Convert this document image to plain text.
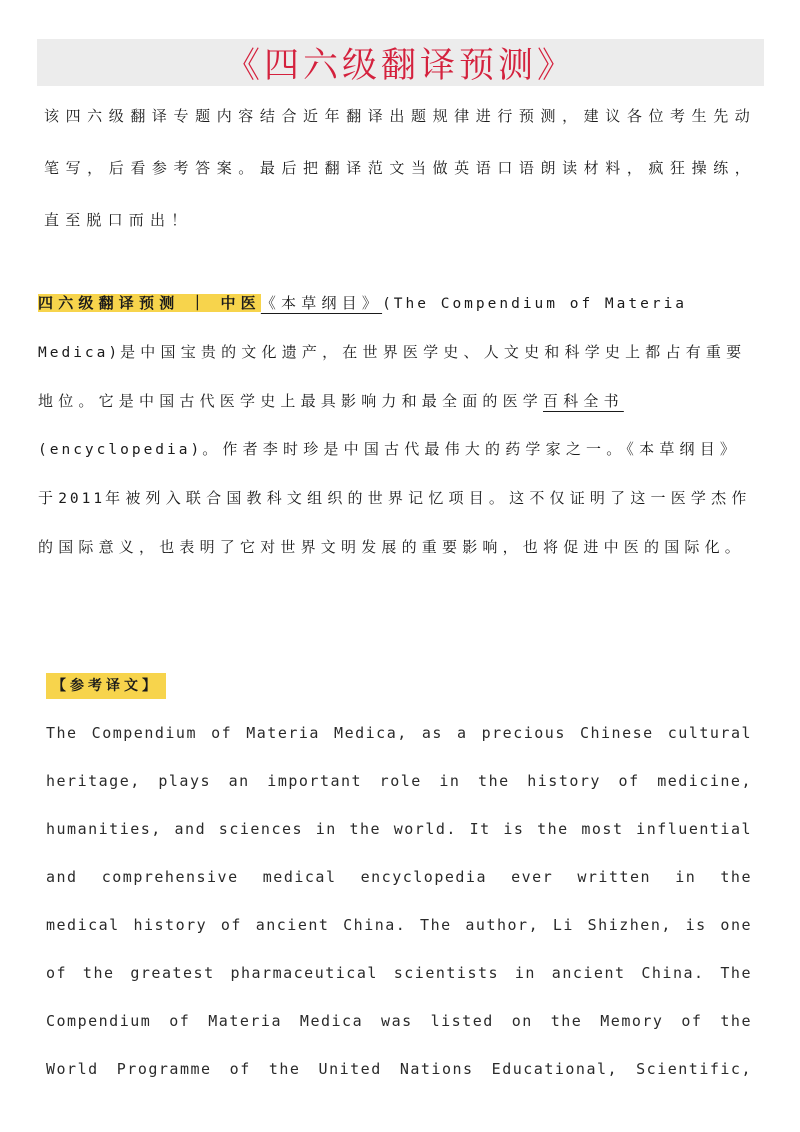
《四六级翻译预测》
该四六级翻译专题内容结合近年翻译出题规律进行预测，建议各位考生先动笔写，后看参考答案。最后把翻译范文当做英语口语朗读材料，疯狂操练，直至脱口而出！
四六级翻译预测 ｜ 中医《本草纲目》(The Compendium of Materia Medica)是中国宝贵的文化遗产，在世界医学史、人文史和科学史上都占有重要地位。它是中国古代医学史上最具影响力和最全面的医学百科全书(encyclopedia)。作者李时珍是中国古代最伟大的药学家之一。《本草纲目》于2011年被列入联合国教科文组织的世界记忆项目。这不仅证明了这一医学杰作的国际意义，也表明了它对世界文明发展的重要影响，也将促进中医的国际化。
【参考译文】
The Compendium of Materia Medica, as a precious Chinese cultural
heritage, plays an important role in the history of medicine,
humanities, and sciences in the world. It is the most influential
and comprehensive medical encyclopedia ever written in the
medical history of ancient China. The author, Li Shizhen, is one
of the greatest pharmaceutical scientists in ancient China. The
Compendium of Materia Medica was listed on the Memory of the
World Programme of the United Nations Educational, Scientific,
